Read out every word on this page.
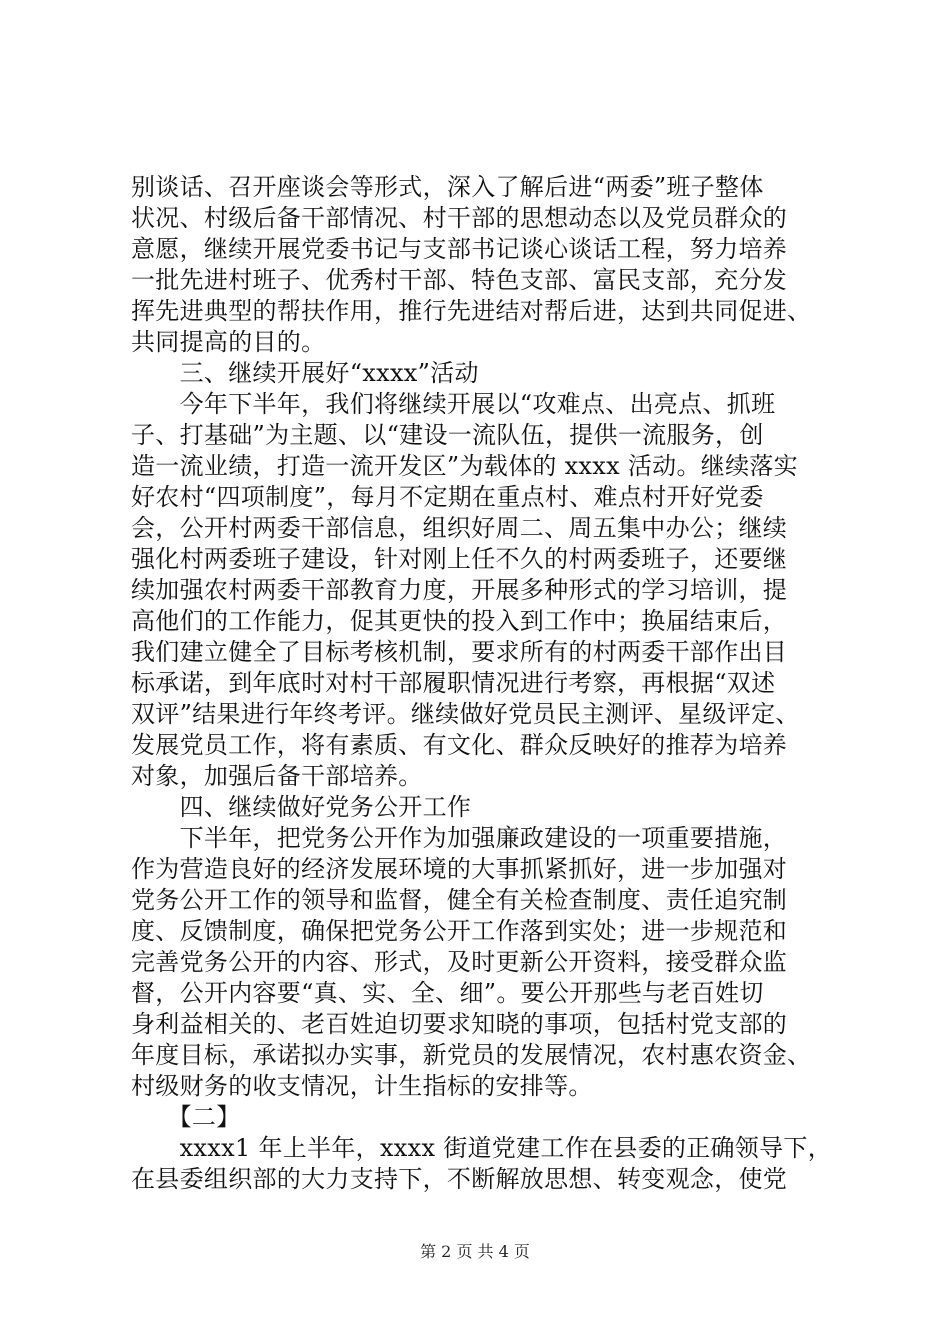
别谈话、召开座谈会等形式，深入了解后进“两委”班子整体
状况、村级后备干部情况、村干部的思想动态以及党员群众的
意愿，继续开展党委书记与支部书记谈心谈话工程，努力培养
一批先进村班子、优秀村干部、特色支部、富民支部，充分发
挥先进典型的帮扶作用，推行先进结对帮后进，达到共同促进、
共同提高的目的。
　　三、继续开展好“xxxx”活动
　　今年下半年，我们将继续开展以“攻难点、出亮点、抓班
子、打基础”为主题、以“建设一流队伍，提供一流服务，创
造一流业绩，打造一流开发区”为载体的 xxxx 活动。继续落实
好农村“四项制度”，每月不定期在重点村、难点村开好党委
会，公开村两委干部信息，组织好周二、周五集中办公；继续
强化村两委班子建设，针对刚上任不久的村两委班子，还要继
续加强农村两委干部教育力度，开展多种形式的学习培训，提
高他们的工作能力，促其更快的投入到工作中；换届结束后，
我们建立健全了目标考核机制，要求所有的村两委干部作出目
标承诺，到年底时对村干部履职情况进行考察，再根据“双述
双评”结果进行年终考评。继续做好党员民主测评、星级评定、
发展党员工作，将有素质、有文化、群众反映好的推荐为培养
对象，加强后备干部培养。
　　四、继续做好党务公开工作
　　下半年，把党务公开作为加强廉政建设的一项重要措施，
作为营造良好的经济发展环境的大事抓紧抓好，进一步加强对
党务公开工作的领导和监督，健全有关检查制度、责任追究制
度、反馈制度，确保把党务公开工作落到实处；进一步规范和
完善党务公开的内容、形式，及时更新公开资料，接受群众监
督，公开内容要“真、实、全、细”。要公开那些与老百姓切
身利益相关的、老百姓迫切要求知晓的事项，包括村党支部的
年度目标，承诺拟办实事，新党员的发展情况，农村惠农资金、
村级财务的收支情况，计生指标的安排等。
　　【二】
　　xxxx1 年上半年，xxxx 街道党建工作在县委的正确领导下，
在县委组织部的大力支持下，不断解放思想、转变观念，使党
第 2 页 共 4 页
